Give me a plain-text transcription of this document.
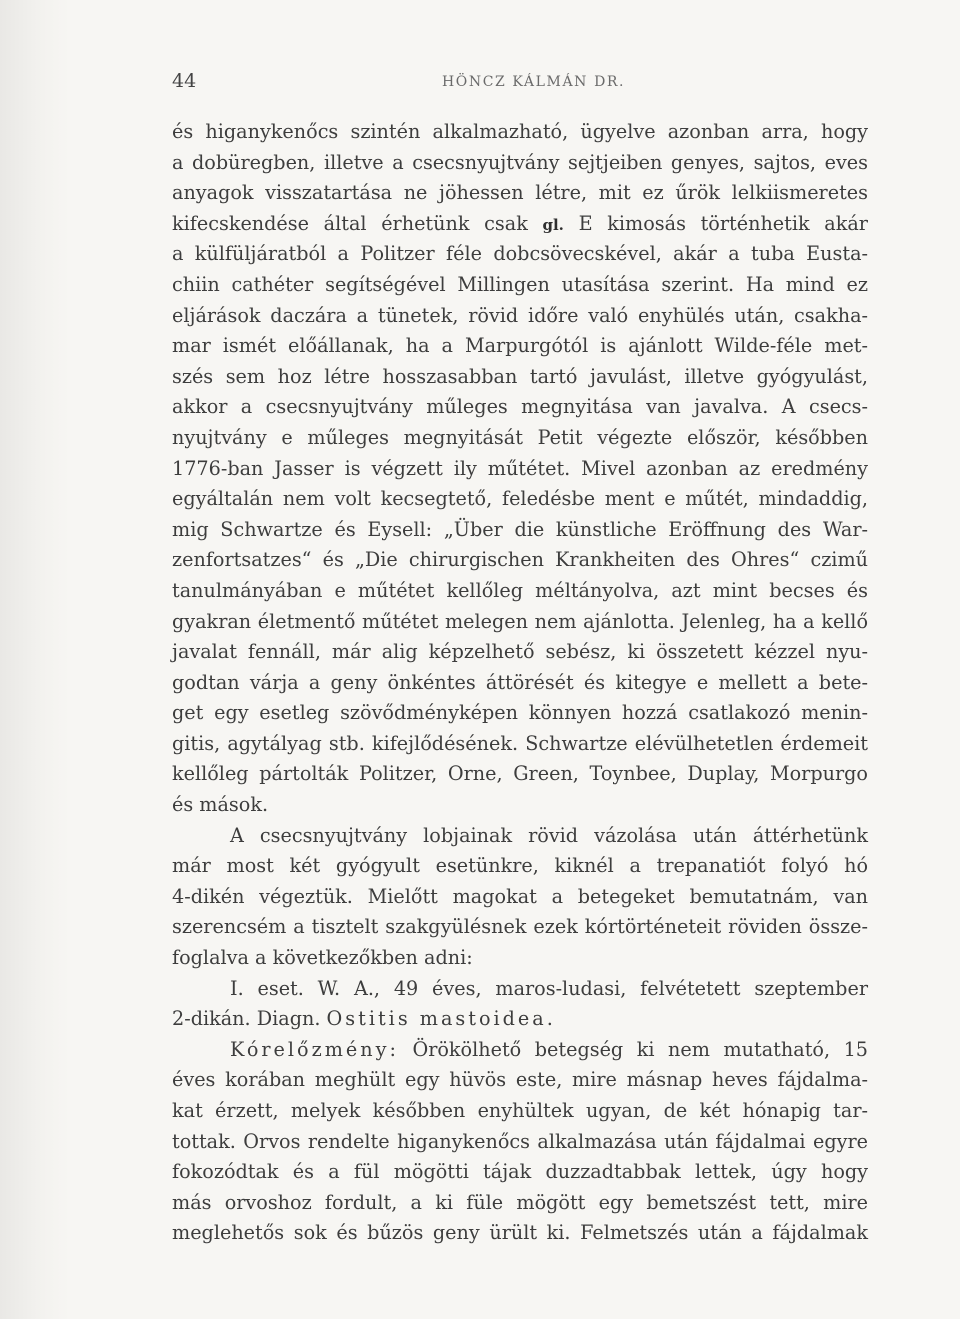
44	HÖNCZ KÁLMÁN DR.
és higanykenőcs szintén alkalmazható, ügyelve azonban arra, hogy
a dobüregben, illetve a csecsnyujtvány sejtjeiben genyes, sajtos, eves
anyagok visszatartása ne jöhessen létre, mit ez űrök lelkiismeretes
kifecskendése által érhetünk csak gl. E kimosás történhetik akár
a külfüljáratból a Politzer féle dobcsövecskével, akár a tuba Eusta-
chiin cathéter segítségével Millingen utasítása szerint. Ha mind ez
eljárások daczára a tünetek, rövid időre való enyhülés után, csakha-
mar ismét előállanak, ha a Marpurgótól is ajánlott Wilde-féle met-
szés sem hoz létre hosszasabban tartó javulást, illetve gyógyulást,
akkor a csecsnyujtvány műleges megnyitása van javalva. A csecs-
nyujtvány e műleges megnyitását Petit végezte először, későbben
1776-ban Jasser is végzett ily műtétet. Mivel azonban az eredmény
egyáltalán nem volt kecsegtető, feledésbe ment e műtét, mindaddig,
mig Schwartze és Eysell: „Über die künstliche Eröffnung des War-
zenfortsatzes“ és „Die chirurgischen Krankheiten des Ohres“ czimű
tanulmányában e műtétet kellőleg méltányolva, azt mint becses és
gyakran életmentő műtétet melegen nem ajánlotta. Jelenleg, ha a kellő
javalat fennáll, már alig képzelhető sebész, ki összetett kézzel nyu-
godtan várja a geny önkéntes áttörését és kitegye e mellett a bete-
get egy esetleg szövődményképen könnyen hozzá csatlakozó menin-
gitis, agytályag stb. kifejlődésének. Schwartze elévülhetetlen érdemeit
kellőleg pártolták Politzer, Orne, Green, Toynbee, Duplay, Morpurgo
és mások.
A csecsnyujtvány lobjainak rövid vázolása után áttérhetünk
már most két gyógyult esetünkre, kiknél a trepanatiót folyó hó
4-dikén végeztük. Mielőtt magokat a betegeket bemutatnám, van
szerencsém a tisztelt szakgyülésnek ezek kórtörténeteit röviden össze-
foglalva a következőkben adni:
I. eset. W. A., 49 éves, maros-ludasi, felvétetett szeptember
2-dikán. Diagn. Ostitis mastoidea.
Kórelőzmény: Örökölhető betegség ki nem mutatható, 15
éves korában meghült egy hüvös este, mire másnap heves fájdalma-
kat érzett, melyek későbben enyhültek ugyan, de két hónapig tar-
tottak. Orvos rendelte higanykenőcs alkalmazása után fájdalmai egyre
fokozódtak és a fül mögötti tájak duzzadtabbak lettek, úgy hogy
más orvoshoz fordult, a ki füle mögött egy bemetszést tett, mire
meglehetős sok és bűzös geny ürült ki. Felmetszés után a fájdalmak
